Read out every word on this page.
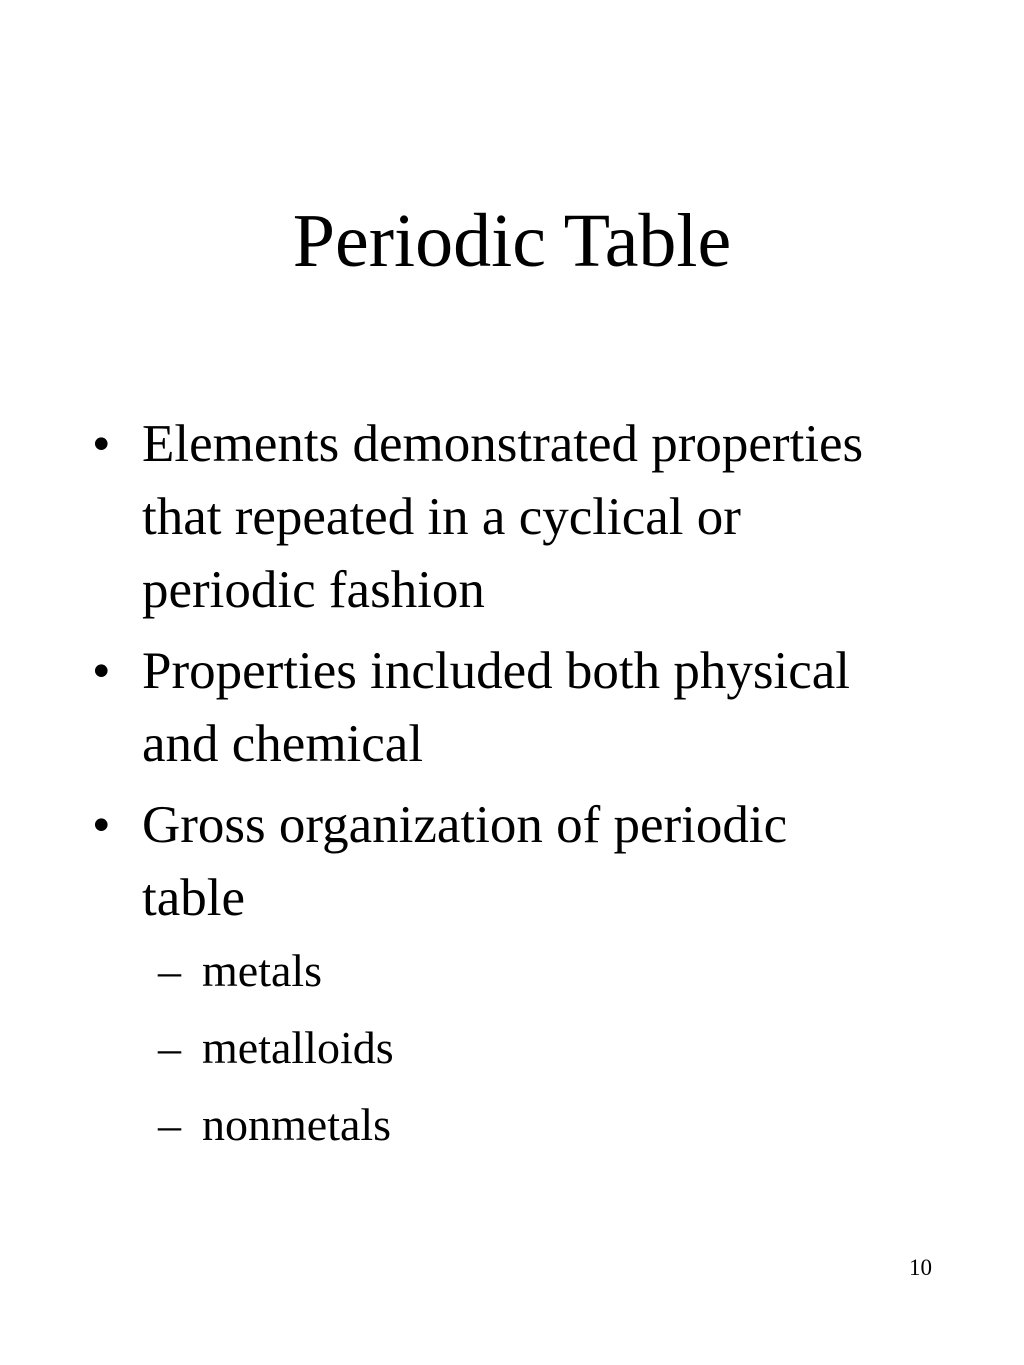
Periodic Table
• Elements demonstrated properties that repeated in a cyclical or periodic fashion
• Properties included both physical and chemical
• Gross organization of periodic table
– metals
– metalloids
– nonmetals
10
